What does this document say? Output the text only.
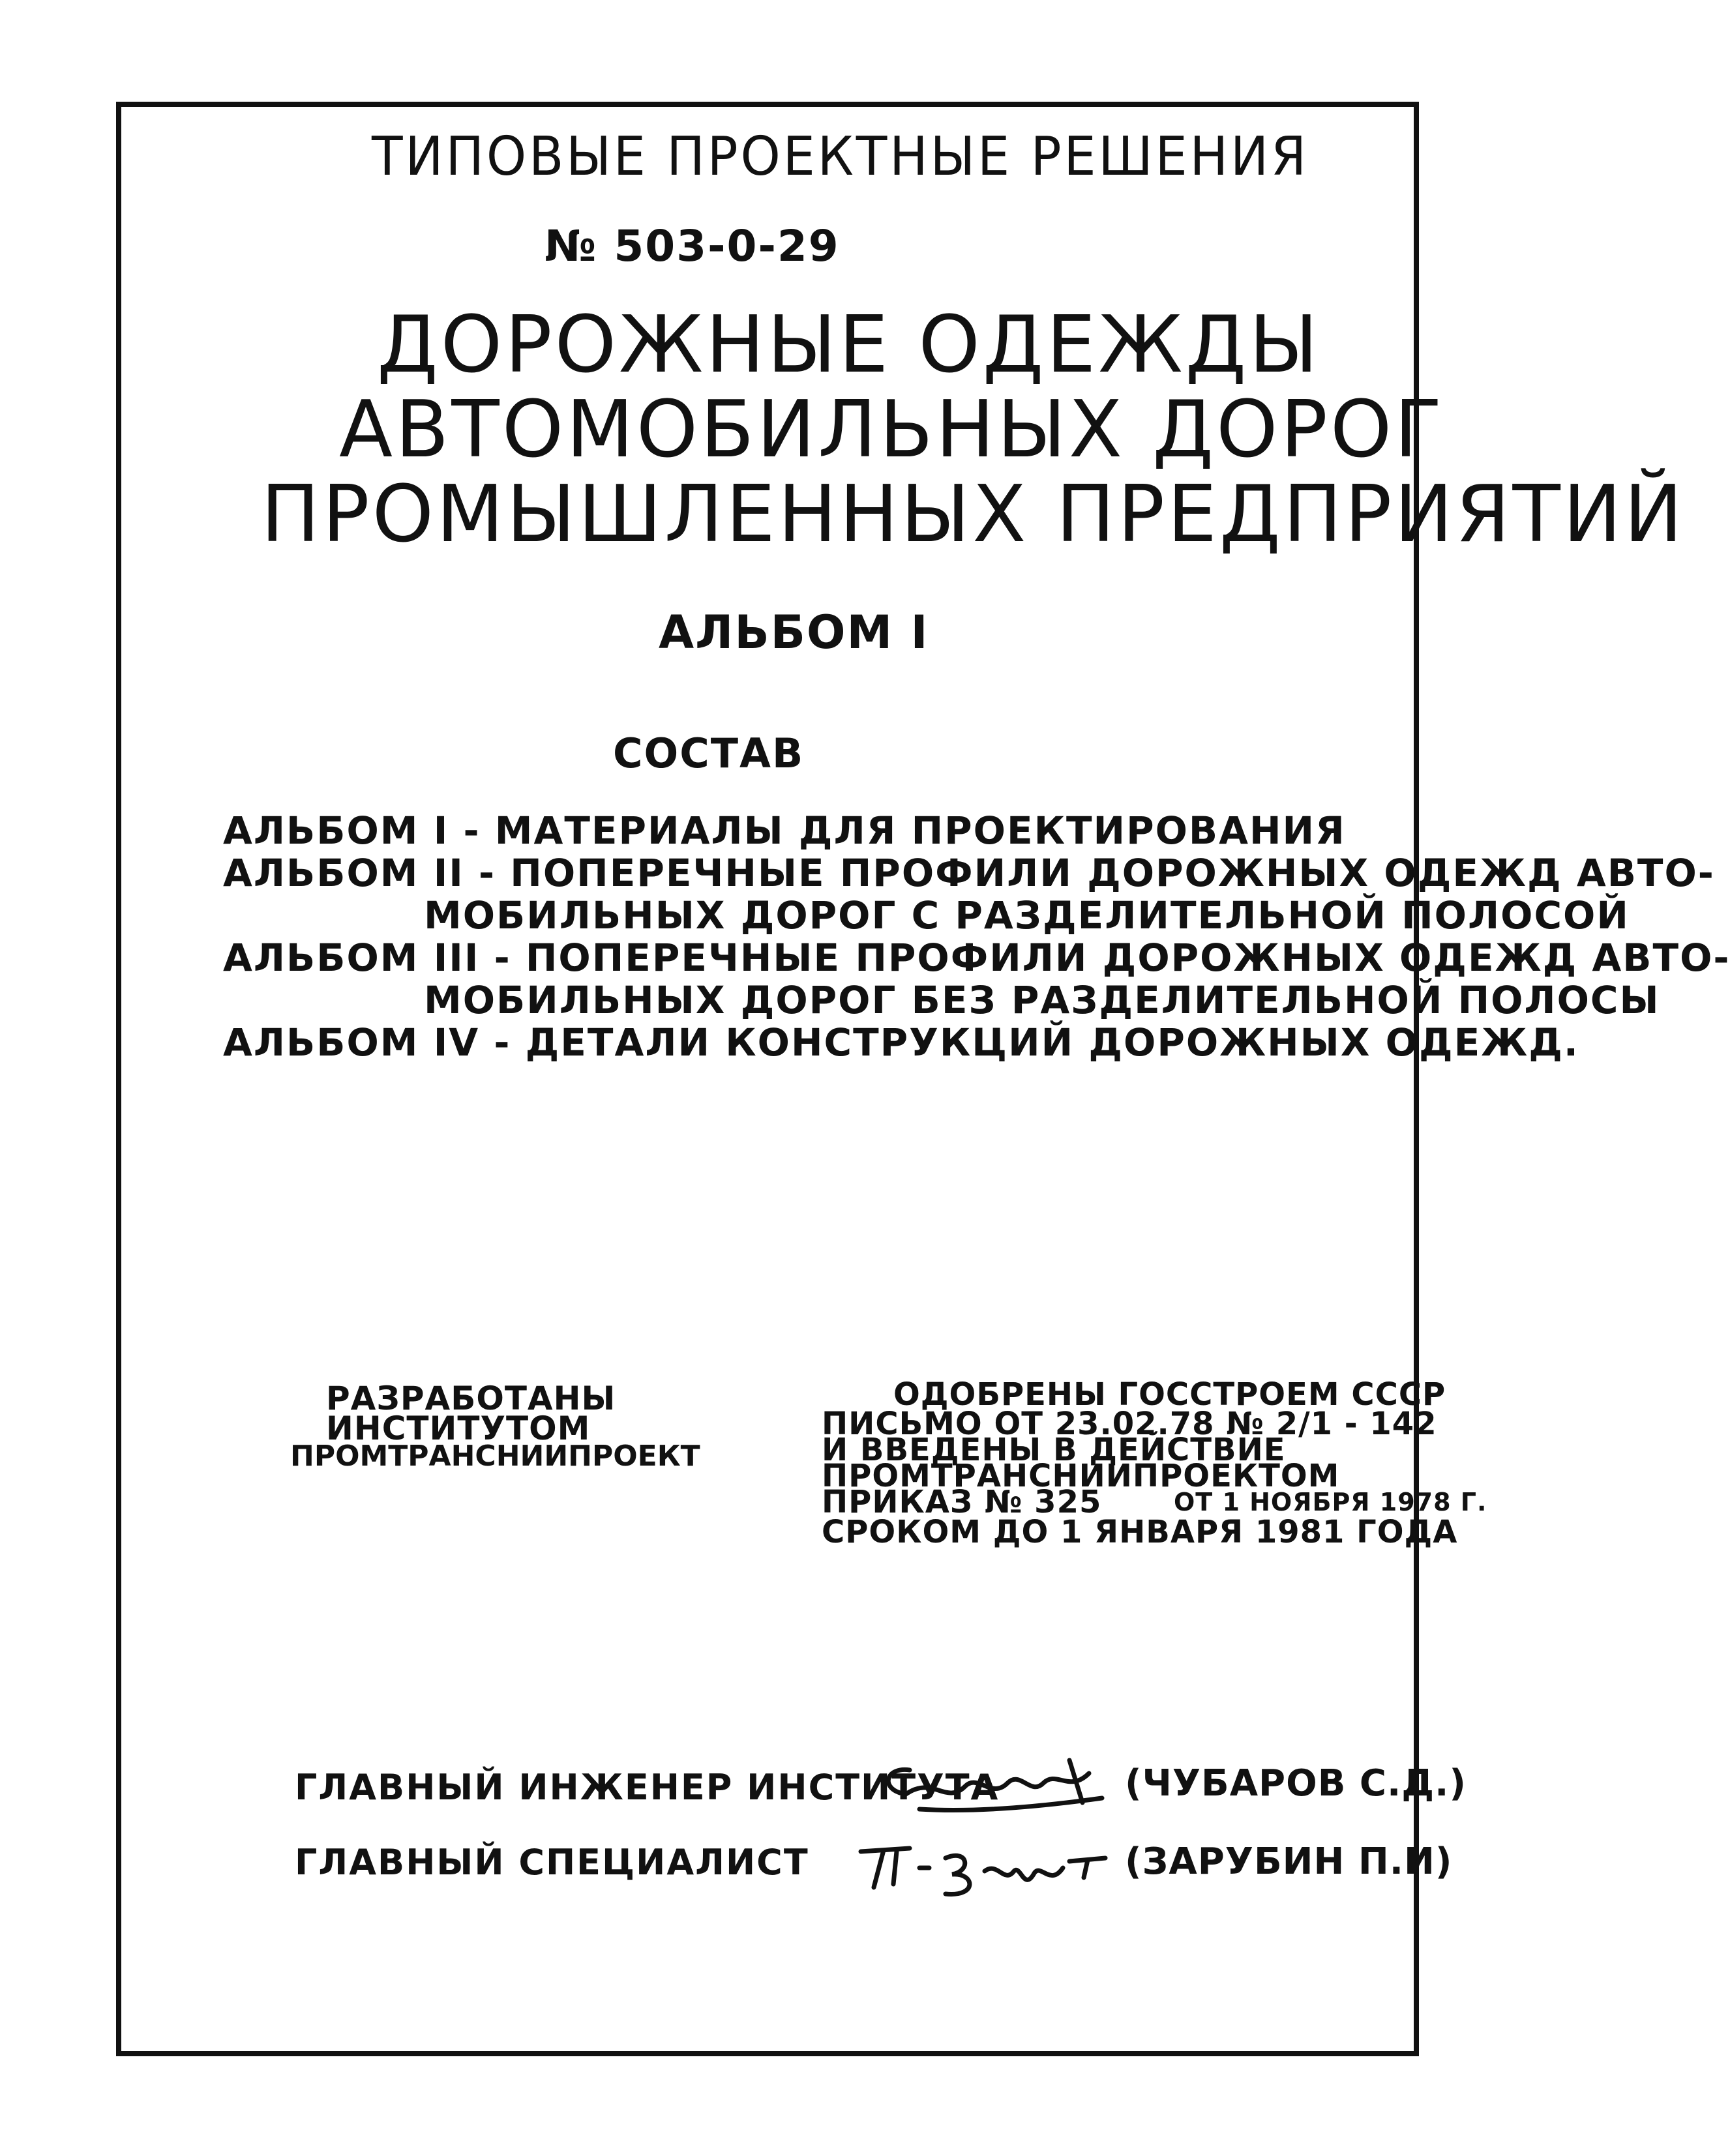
ТИПОВЫЕ ПРОЕКТНЫЕ РЕШЕНИЯ
№ 503-0-29
ДОРОЖНЫЕ ОДЕЖДЫ
АВТОМОБИЛЬНЫХ ДОРОГ
ПРОМЫШЛЕННЫХ ПРЕДПРИЯТИЙ
АЛЬБОМ I
СОСТАВ
АЛЬБОМ I - МАТЕРИАЛЫ ДЛЯ ПРОЕКТИРОВАНИЯ
АЛЬБОМ II - ПОПЕРЕЧНЫЕ ПРОФИЛИ ДОРОЖНЫХ ОДЕЖД АВТО-
МОБИЛЬНЫХ ДОРОГ С РАЗДЕЛИТЕЛЬНОЙ ПОЛОСОЙ
АЛЬБОМ III - ПОПЕРЕЧНЫЕ ПРОФИЛИ ДОРОЖНЫХ ОДЕЖД АВТО-
МОБИЛЬНЫХ ДОРОГ БЕЗ РАЗДЕЛИТЕЛЬНОЙ ПОЛОСЫ
АЛЬБОМ IV - ДЕТАЛИ КОНСТРУКЦИЙ ДОРОЖНЫХ ОДЕЖД.
РАЗРАБОТАНЫ
ИНСТИТУТОМ
ПРОМТРАНСНИИПРОЕКТ
ОДОБРЕНЫ ГОССТРОЕМ СССР
ПИСЬМО ОТ 23.02.78 № 2/1 - 142
И ВВЕДЕНЫ В ДЕЙСТВИЕ
ПРОМТРАНСНИИПРОЕКТОМ
ПРИКАЗ № 325	ОТ 1 НОЯБРЯ 1978 Г.
СРОКОМ ДО 1 ЯНВАРЯ 1981 ГОДА
ГЛАВНЫЙ ИНЖЕНЕР ИНСТИТУТА	(ЧУБАРОВ С.Д.)
ГЛАВНЫЙ СПЕЦИАЛИСТ	(ЗАРУБИН П.И)
